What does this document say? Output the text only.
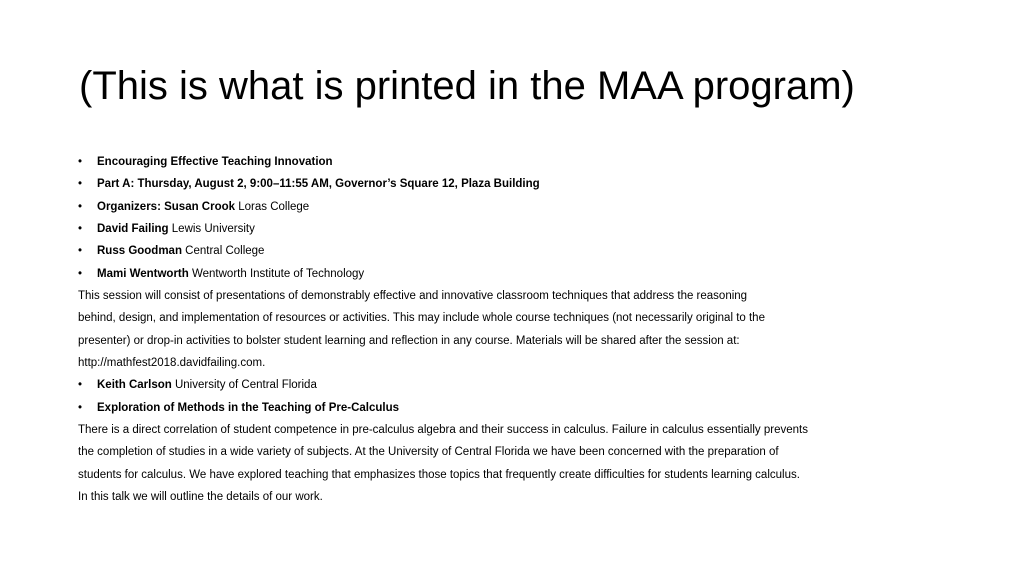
(This is what is printed in the MAA program)
• Encouraging Effective Teaching Innovation
• Part A: Thursday, August 2, 9:00–11:55 AM, Governor’s Square 12, Plaza Building
• Organizers: Susan Crook Loras College
• David Failing Lewis University
• Russ Goodman Central College
• Mami Wentworth Wentworth Institute of Technology
This session will consist of presentations of demonstrably effective and innovative classroom techniques that address the reasoning
behind, design, and implementation of resources or activities. This may include whole course techniques (not necessarily original to the
presenter) or drop-in activities to bolster student learning and reflection in any course. Materials will be shared after the session at:
http://mathfest2018.davidfailing.com.
• Keith Carlson University of Central Florida
• Exploration of Methods in the Teaching of Pre-Calculus
There is a direct correlation of student competence in pre-calculus algebra and their success in calculus. Failure in calculus essentially prevents
the completion of studies in a wide variety of subjects. At the University of Central Florida we have been concerned with the preparation of
students for calculus. We have explored teaching that emphasizes those topics that frequently create difficulties for students learning calculus.
In this talk we will outline the details of our work.
